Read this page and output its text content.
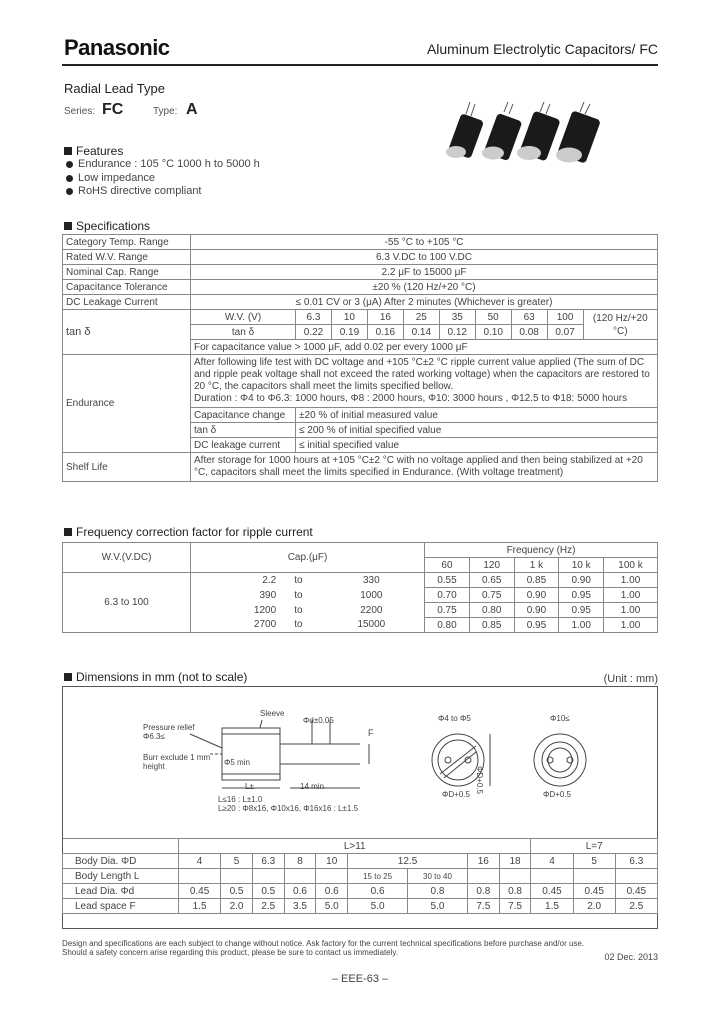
Panasonic	Aluminum Electrolytic Capacitors/ FC
Radial Lead Type
Series: FC	Type: A
Features
Endurance : 105 °C 1000 h to 5000 h
Low impedance
RoHS directive compliant
Specifications
Category Temp. Range	-55 °C to +105 °C									
Rated W.V. Range	6.3 V.DC to 100 V.DC									
Nominal Cap. Range	2.2 μF to 15000 μF									
Capacitance Tolerance	±20 % (120 Hz/+20 °C)									
DC Leakage Current	≤ 0.01 CV or 3 (μA) After 2 minutes (Whichever is greater)									
tan δ	W.V. (V)	6.3	10	16	25	35	50	63	100	(120 Hz/+20 °C)
	tan δ	0.22	0.19	0.16	0.14	0.12	0.10	0.08	0.07	
	For capacitance value > 1000 μF, add 0.02 per every 1000 μF									
Endurance	After following life test with DC voltage and +105 °C±2 °C ripple current value applied (The sum of DC and ripple peak voltage shall not exceed the rated working voltage) when the capacitors are restored to 20 °C, the capacitors shall meet the limits specified bellow.
Duration : Φ4 to Φ6.3: 1000 hours, Φ8 : 2000 hours, Φ10: 3000 hours , Φ12.5 to Φ18: 5000 hours									

	Capacitance change	±20 % of initial measured value								
	tan δ	≤ 200 % of initial specified value								
	DC leakage current	≤ initial specified value								
Shelf Life	After storage for 1000 hours at +105 °C±2 °C with no voltage applied and then being stabilized at +20 °C, capacitors shall meet the limits specified in Endurance. (With voltage treatment)									
Frequency correction factor for ripple current
W.V.(V.DC)	Cap.(μF)			Frequency (Hz)				
				60	120	1 k	10 k	100 k
6.3 to 100	2.2	to	330	0.55	0.65	0.85	0.90	1.00
	390	to	1000	0.70	0.75	0.90	0.95	1.00
	1200	to	2200	0.75	0.80	0.90	0.95	1.00
	2700	to	15000	0.80	0.85	0.95	1.00	1.00
Dimensions in mm (not to scale)	(Unit : mm)
F
Sleeve
Pressure relief
Φ6.3≤
Burr exclude 1 mm
height
Φd±0.05
L±	14 min
Φ5 min
L≤16 : L±1.0
L≥20 : Φ8x16, Φ10x16, Φ16x16 : L±1.5
Φ4 to Φ5
ΦD+0.5
ΦD+0.5
Φ10≤
ΦD+0.5
	L>11									L=7		
Body Dia. ΦD	4	5	6.3	8	10	12.5		16	18	4	5	6.3
Body Length L						15 to 25	30 to 40					
Lead Dia. Φd	0.45	0.5	0.5	0.6	0.6	0.6	0.8	0.8	0.8	0.45	0.45	0.45
Lead space F	1.5	2.0	2.5	3.5	5.0	5.0	5.0	7.5	7.5	1.5	2.0	2.5
Design and specifications are each subject to change without notice. Ask factory for the current technical specifications before purchase and/or use.
Should a safety concern arise regarding this product, please be sure to contact us immediately.	02 Dec. 2013
– EEE-63 –
